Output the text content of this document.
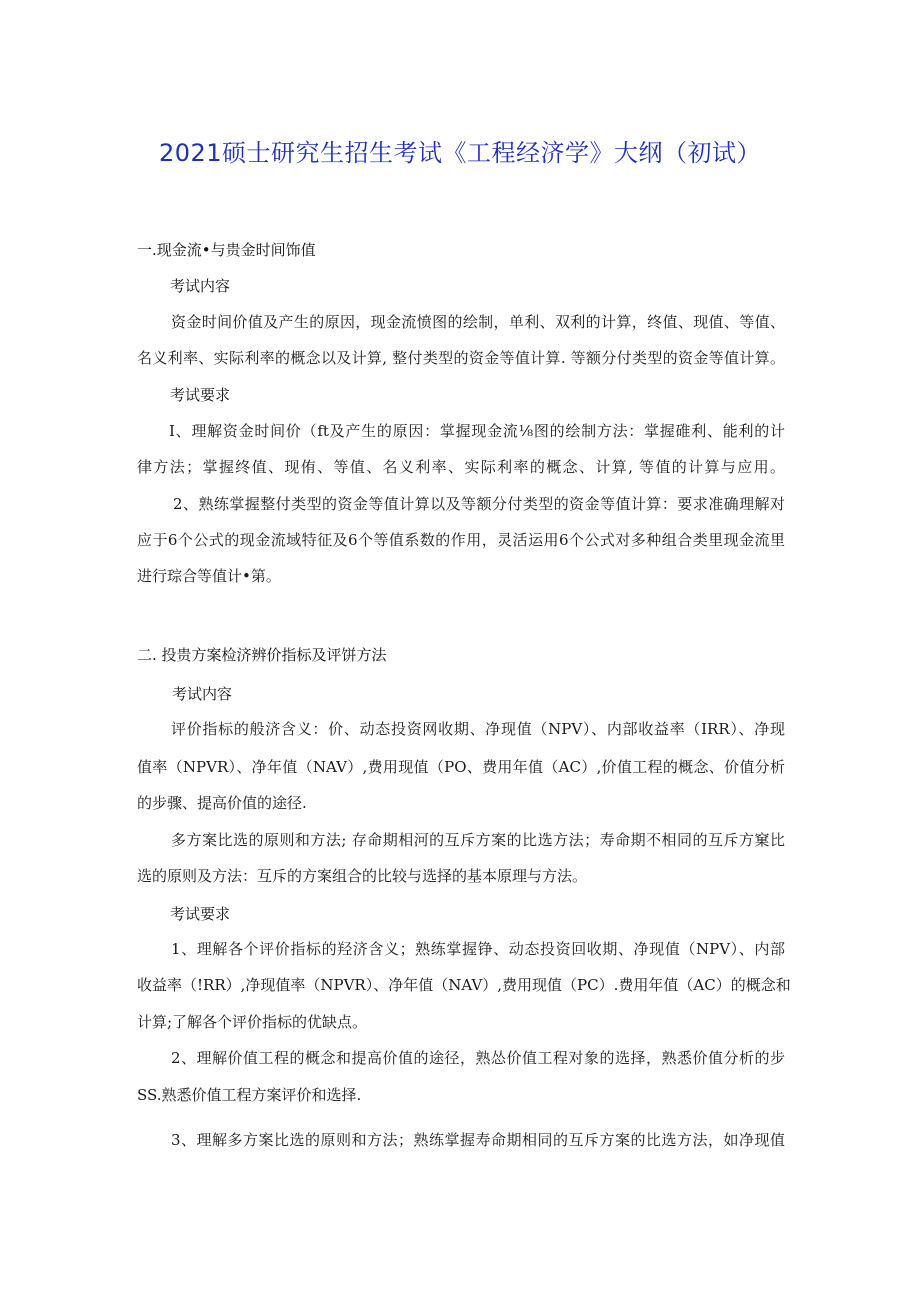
2021硕士研究生招生考试《工程经济学》大纲（初试）
一.现金流•与贵金时间饰值
考试内容
资金时间价值及产生的原因，现金流愤图的绘制，单利、双利的计算，终值、现值、等值、
名义利率、实际利率的概念以及计算, 整付类型的资金等值计算. 等额分付类型的资金等值计算。
考试要求
I、理解资金时间价（ft及产生的原因：掌握现金流⅛图的绘制方法：掌握碓利、能利的计
律方法；掌握终值、现侑、等值、名义利率、实际利率的概念、计算, 等值的计算与应用。
2、熟练掌握整付类型的资金等值计算以及等额分付类型的资金等值计算：要求准确理解对
应于6个公式的现金流域特征及6个等值系数的作用，灵活运用6个公式对多种组合类里现金流里
进行琮合等值计•第。
二. 投贵方案检济辨价指标及评饼方法
考试内容
评价指标的般济含义：价、动态投资网收期、净现值（NPV）、内部收益率（IRR）、净现
值率（NPVR）、净年值（NAV）,费用现值（PO、费用年值（AC）,价值工程的概念、价值分析
的步骤、提高价值的途径.
多方案比选的原则和方法; 存命期相河的互斥方案的比选方法；寿命期不相同的互斥方窠比
选的原则及方法：互斥的方案组合的比较与选择的基本原理与方法。
考试要求
1、理解各个评价指标的羟济含义；熟练掌握铮、动态投资回收期、净现值（NPV）、内部
收益率（!RR）,净现值率（NPVR）、净年值（NAV）,费用现值（PC）.费用年值（AC）的概念和
计算;了解各个评价指标的优缺点。
2、理解价值工程的概念和提高价值的途径，熟怂价值工程对象的选择，熟悉价值分析的步
SS.熟悉价值工程方案评价和选择.
3、理解多方案比选的原则和方法；熟练掌握寿命期相同的互斥方案的比选方法，如净现值
